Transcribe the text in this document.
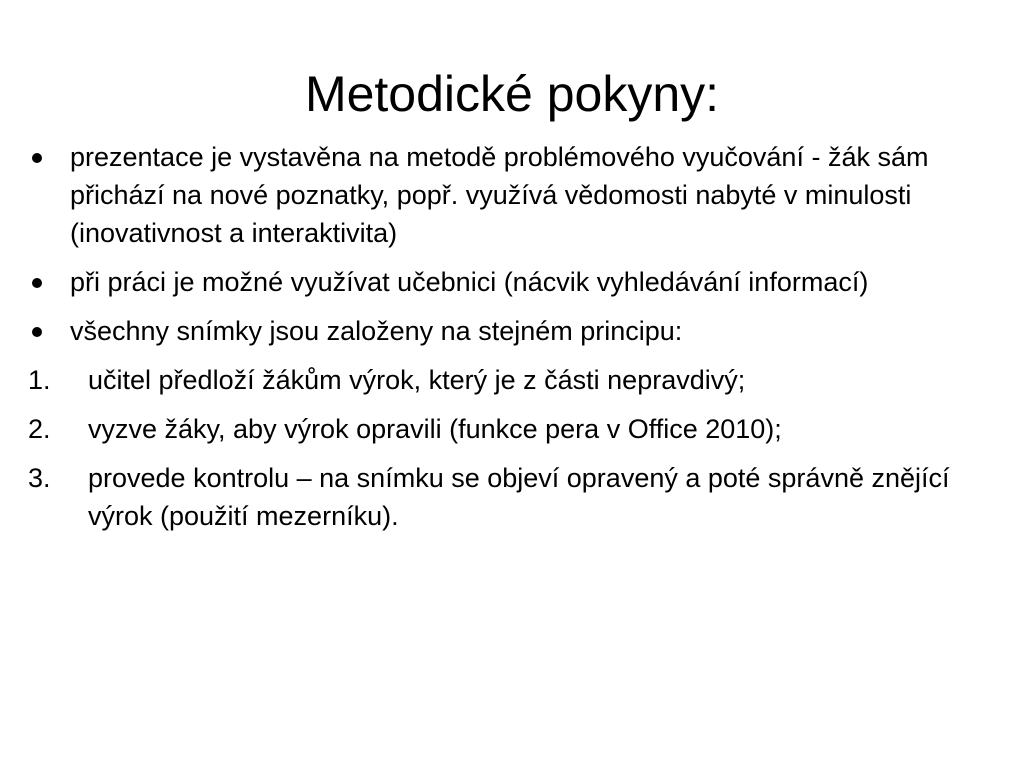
Metodické pokyny:
prezentace je vystavěna na metodě problémového vyučování - žák sám přichází na nové poznatky, popř. využívá vědomosti nabyté v minulosti (inovativnost a interaktivita)
při práci je možné využívat učebnici (nácvik vyhledávání informací)
všechny snímky jsou založeny na stejném principu:
1. učitel předloží žákům výrok, který je z části nepravdivý;
2. vyzve žáky, aby výrok opravili (funkce pera v Office 2010);
3. provede kontrolu – na snímku se objeví opravený a poté správně znějící výrok (použití mezerníku).
